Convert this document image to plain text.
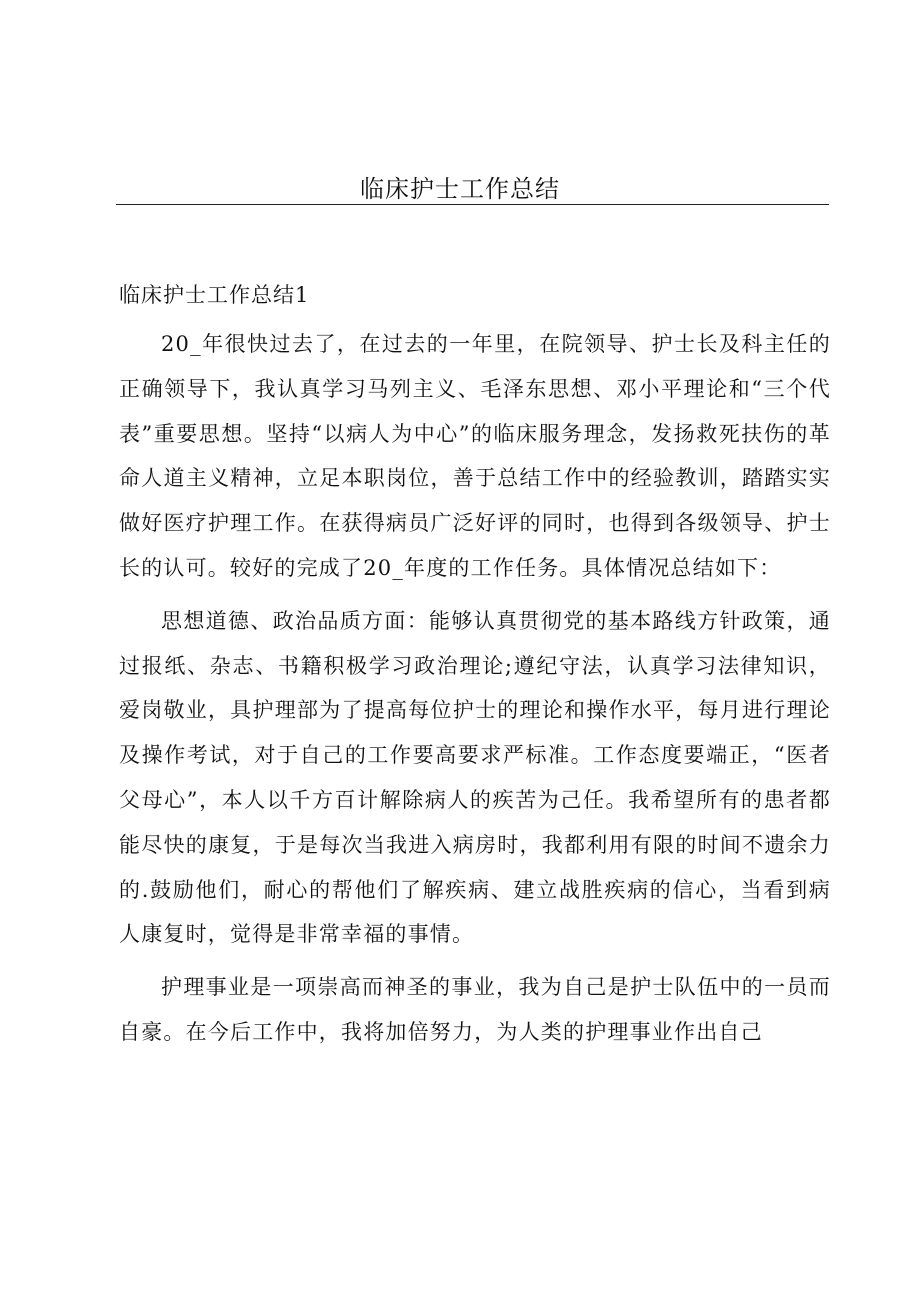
临床护士工作总结
临床护士工作总结1

20_年很快过去了，在过去的一年里，在院领导、护士长及科主任的正确领导下，我认真学习马列主义、毛泽东思想、邓小平理论和“三个代表”重要思想。坚持“以病人为中心”的临床服务理念，发扬救死扶伤的革命人道主义精神，立足本职岗位，善于总结工作中的经验教训，踏踏实实做好医疗护理工作。在获得病员广泛好评的同时，也得到各级领导、护士长的认可。较好的完成了20_年度的工作任务。具体情况总结如下：

思想道德、政治品质方面：能够认真贯彻党的基本路线方针政策，通过报纸、杂志、书籍积极学习政治理论;遵纪守法，认真学习法律知识，爱岗敬业，具护理部为了提高每位护士的理论和操作水平，每月进行理论及操作考试，对于自己的工作要高要求严标准。工作态度要端正，“医者父母心”，本人以千方百计解除病人的疾苦为己任。我希望所有的患者都能尽快的康复，于是每次当我进入病房时，我都利用有限的时间不遗余力的.鼓励他们，耐心的帮他们了解疾病、建立战胜疾病的信心，当看到病人康复时，觉得是非常幸福的事情。

护理事业是一项崇高而神圣的事业，我为自己是护士队伍中的一员而自豪。在今后工作中，我将加倍努力，为人类的护理事业作出自己
